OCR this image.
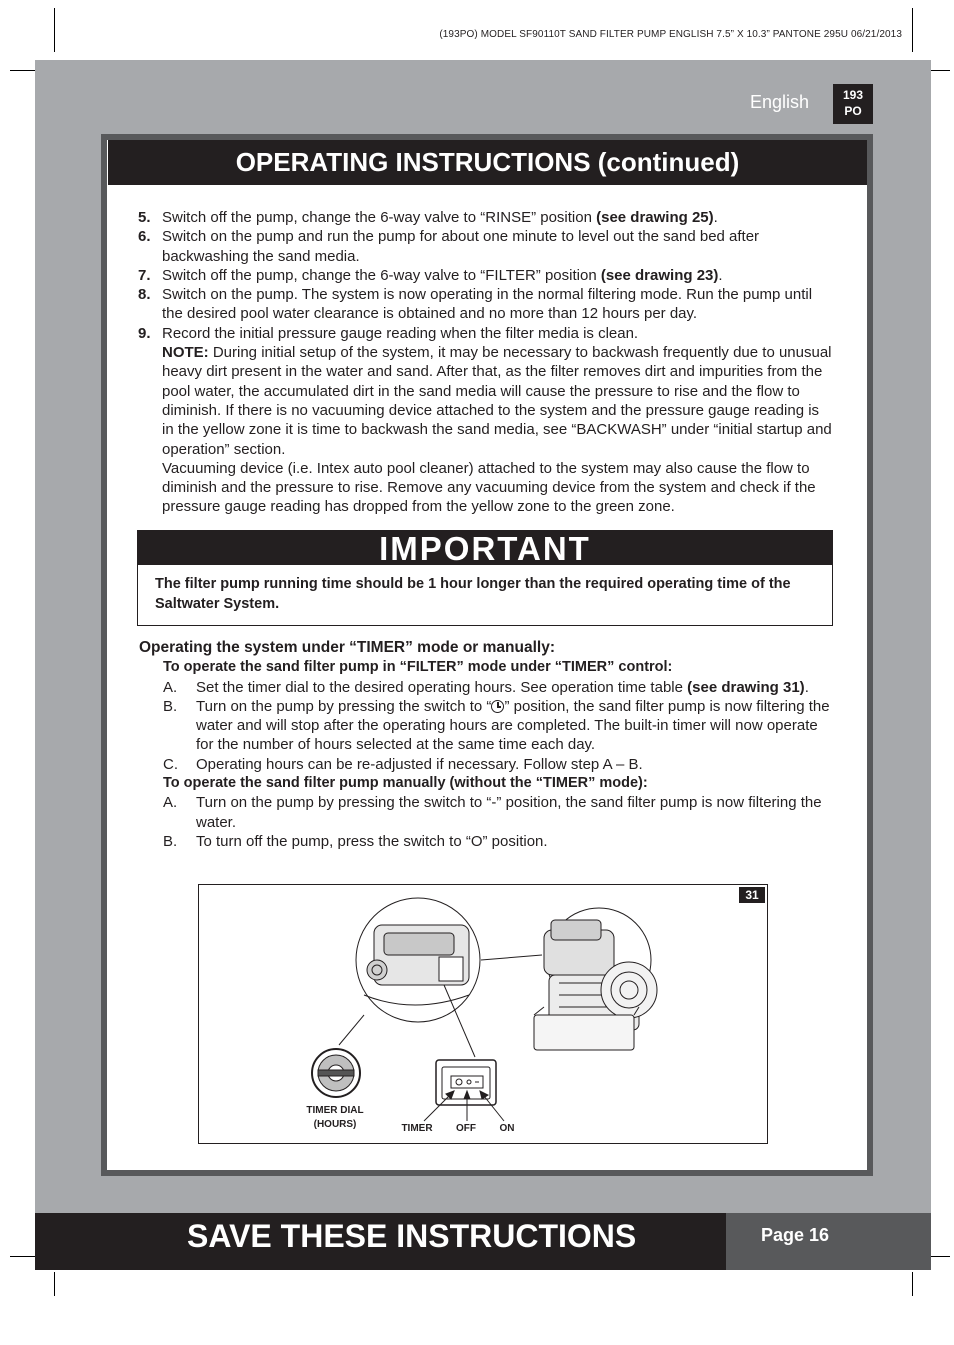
(193PO) MODEL SF90110T SAND FILTER PUMP ENGLISH 7.5” X 10.3” PANTONE 295U 06/21/2013
English	193
PO
OPERATING INSTRUCTIONS (continued)
5. Switch off the pump, change the 6-way valve to “RINSE” position (see drawing 25).
6. Switch on the pump and run the pump for about one minute to level out the sand bed after backwashing the sand media.
7. Switch off the pump, change the 6-way valve to “FILTER” position (see drawing 23).
8. Switch on the pump. The system is now operating in the normal filtering mode. Run the pump until the desired pool water clearance is obtained and no more than 12 hours per day.
9. Record the initial pressure gauge reading when the filter media is clean.
NOTE: During initial setup of the system, it may be necessary to backwash frequently due to unusual heavy dirt present in the water and sand. After that, as the filter removes dirt and impurities from the pool water, the accumulated dirt in the sand media will cause the pressure to rise and the flow to diminish. If there is no vacuuming device attached to the system and the pressure gauge reading is in the yellow zone it is time to backwash the sand media, see “BACKWASH” under “initial startup and operation” section.
Vacuuming device (i.e. Intex auto pool cleaner) attached to the system may also cause the flow to diminish and the pressure to rise. Remove any vacuuming device from the system and check if the pressure gauge reading has dropped from the yellow zone to the green zone.
IMPORTANT
The filter pump running time should be 1 hour longer than the required operating time of the Saltwater System.
Operating the system under “TIMER” mode or manually:
To operate the sand filter pump in “FILTER” mode under “TIMER” control:
A. Set the timer dial to the desired operating hours. See operation time table (see drawing 31).
B. Turn on the pump by pressing the switch to “ ” position, the sand filter pump is now filtering the water and will stop after the operating hours are completed. The built-in timer will now operate for the number of hours selected at the same time each day.
C. Operating hours can be re-adjusted if necessary. Follow step A – B.
To operate the sand filter pump manually (without the “TIMER” mode):
A. Turn on the pump by pressing the switch to “-” position, the sand filter pump is now filtering the water.
B. To turn off the pump, press the switch to “O” position.
31
TIMER DIAL
(HOURS)	TIMER	OFF	ON
SAVE THESE INSTRUCTIONS	Page 16
